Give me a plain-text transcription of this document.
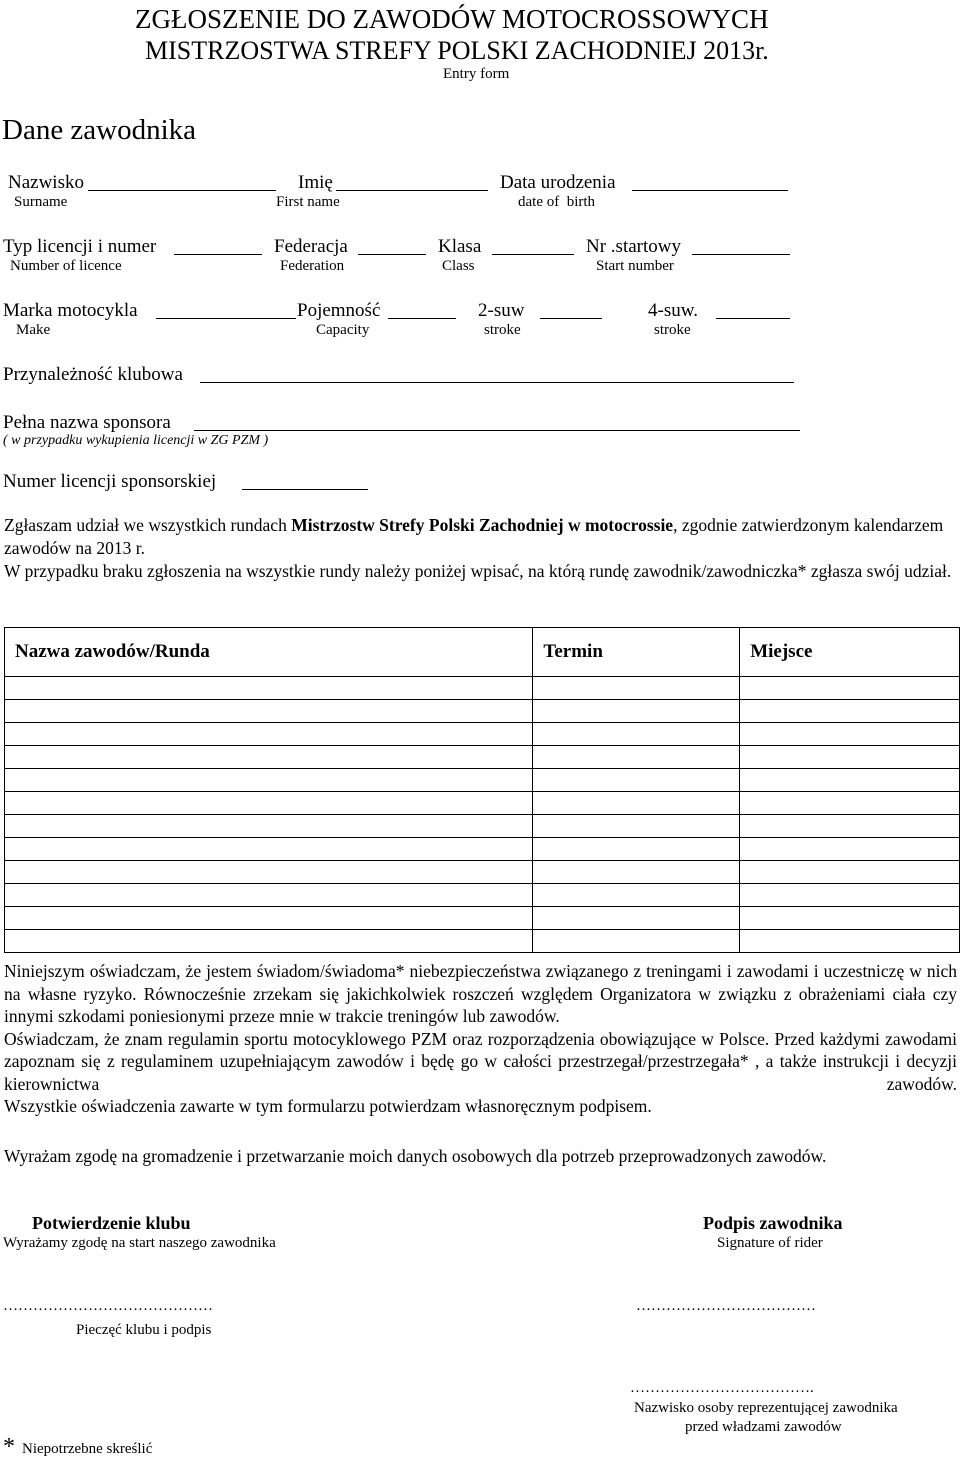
ZGŁOSZENIE DO ZAWODÓW MOTOCROSSOWYCH
MISTRZOSTWA STREFY POLSKI ZACHODNIEJ 2013r.
Entry form
Dane zawodnika
Nazwisko	Imię	Data urodzenia
Surname	First name	date of  birth
Typ licencji i numer	Federacja	Klasa	Nr .startowy
Number of licence	Federation	Class	Start number
Marka motocykla	Pojemność	2-suw	4-suw.
Make	Capacity	stroke	stroke
Przynależność klubowa
Pełna nazwa sponsora
( w przypadku wykupienia licencji w ZG PZM )
Numer licencji sponsorskiej
Zgłaszam udział we wszystkich rundach Mistrzostw Strefy Polski Zachodniej w motocrossie, zgodnie zatwierdzonym kalendarzem zawodów na 2013 r.
W przypadku braku zgłoszenia na wszystkie rundy należy poniżej wpisać, na którą rundę zawodnik/zawodniczka* zgłasza swój udział.
Nazwa zawodów/Runda	Termin	Miejsce

Niniejszym oświadczam, że jestem świadom/świadoma* niebezpieczeństwa związanego z treningami i zawodami i uczestniczę w nich na własne ryzyko. Równocześnie zrzekam się jakichkolwiek roszczeń względem Organizatora w związku z obrażeniami ciała czy innymi szkodami poniesionymi przeze mnie w trakcie treningów lub zawodów.

Oświadczam, że znam regulamin sportu motocyklowego PZM oraz rozporządzenia obowiązujące w Polsce. Przed każdymi zawodami zapoznam się z regulaminem uzupełniającym zawodów i będę go w całości przestrzegał/przestrzegała* , a także instrukcji i decyzji kierownictwa zawodów.

Wszystkie oświadczenia zawarte w tym formularzu potwierdzam własnoręcznym podpisem.

Wyrażam zgodę na gromadzenie i przetwarzanie moich danych osobowych dla potrzeb przeprowadzonych zawodów.
Potwierdzenie klubu
Wyrażamy zgodę na start naszego zawodnika
Podpis zawodnika
Signature of rider
……………………………………	………………………………
Pieczęć klubu i podpis
……………………………….
Nazwisko osoby reprezentującej zawodnika
przed władzami zawodów
* Niepotrzebne skreślić
